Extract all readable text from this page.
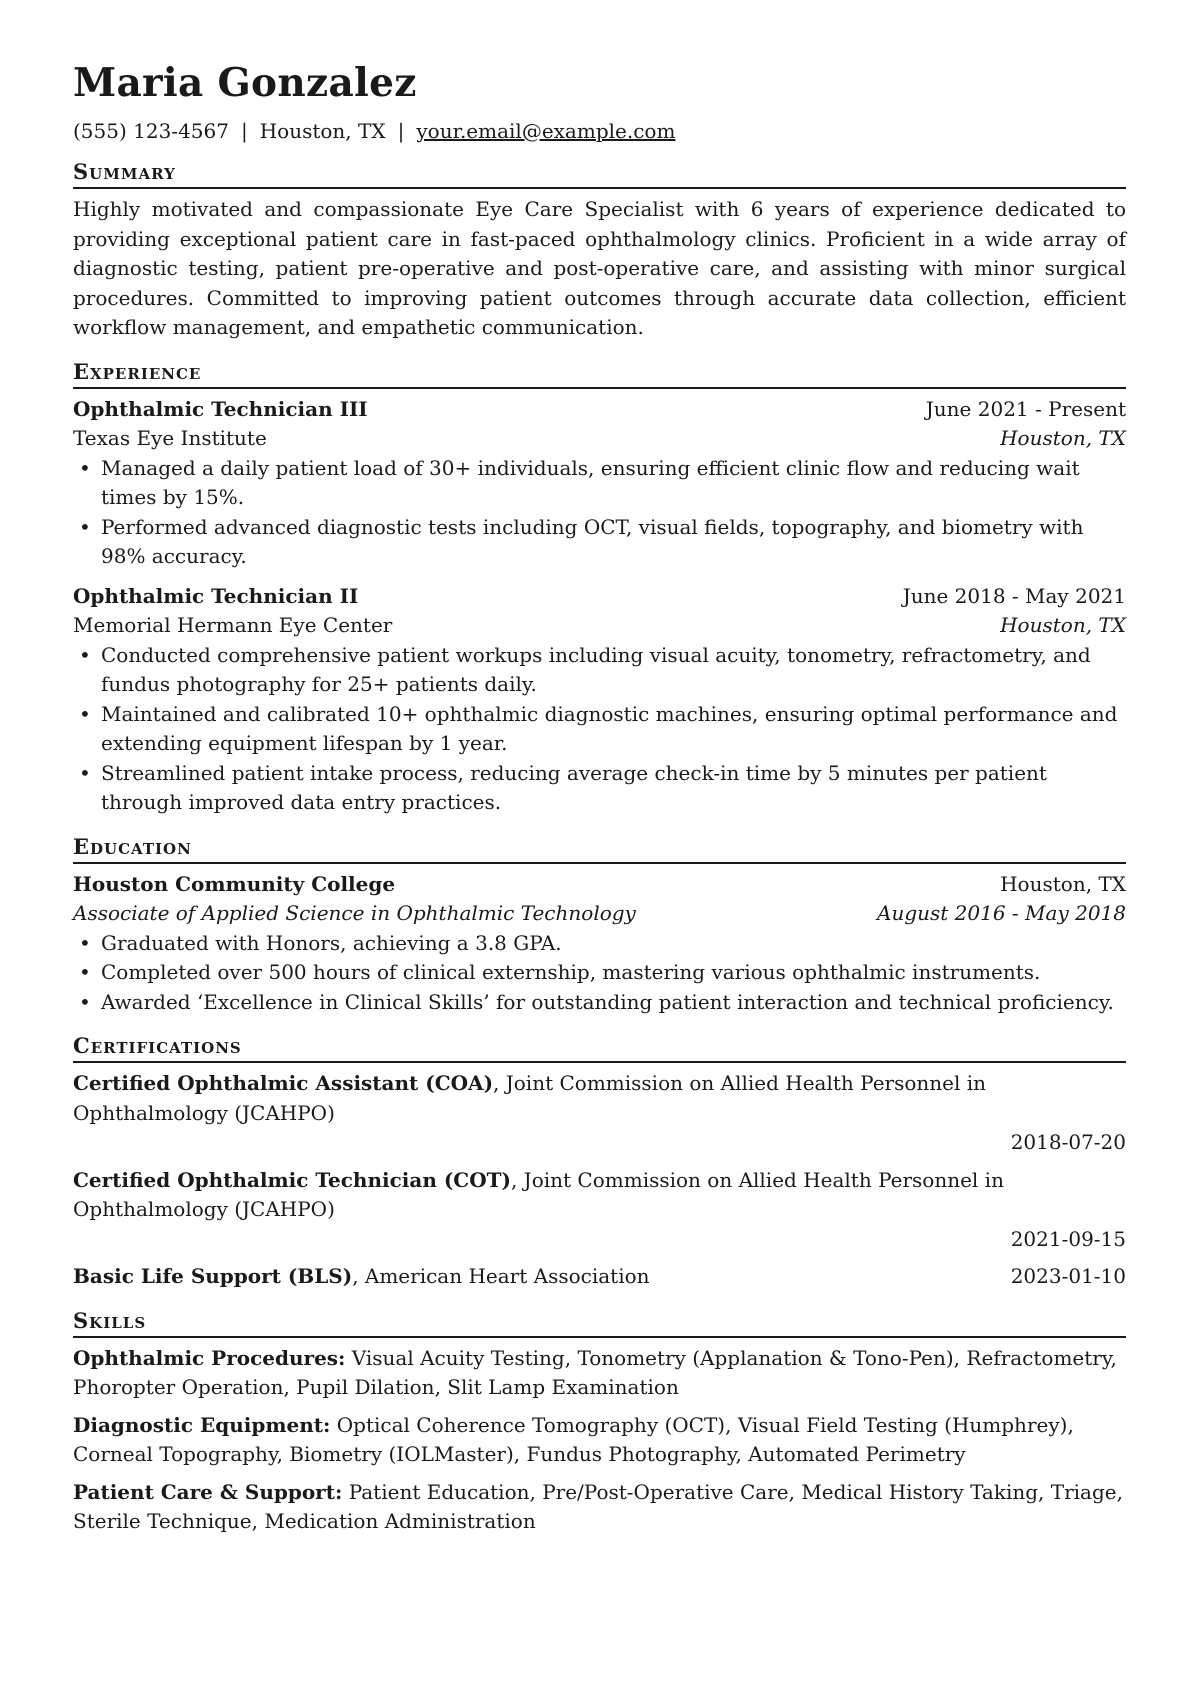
Maria Gonzalez
(555) 123-4567 | Houston, TX | your.email@example.com
Summary

Highly motivated and compassionate Eye Care Specialist with 6 years of experience dedicated to providing exceptional patient care in fast-paced ophthalmology clinics. Proficient in a wide array of diagnostic testing, patient pre-operative and post-operative care, and assisting with minor surgical procedures. Committed to improving patient outcomes through accurate data collection, efficient workflow management, and empathetic communication.

Experience
Ophthalmic Technician III	June 2021 - Present
Texas Eye Institute	Houston, TX
• Managed a daily patient load of 30+ individuals, ensuring efficient clinic flow and reducing wait times by 15%.
• Performed advanced diagnostic tests including OCT, visual fields, topography, and biometry with 98% accuracy.
Ophthalmic Technician II	June 2018 - May 2021
Memorial Hermann Eye Center	Houston, TX
• Conducted comprehensive patient workups including visual acuity, tonometry, refractometry, and fundus photography for 25+ patients daily.
• Maintained and calibrated 10+ ophthalmic diagnostic machines, ensuring optimal performance and extending equipment lifespan by 1 year.
• Streamlined patient intake process, reducing average check-in time by 5 minutes per patient through improved data entry practices.
Education
Houston Community College	Houston, TX
Associate of Applied Science in Ophthalmic Technology	August 2016 - May 2018
• Graduated with Honors, achieving a 3.8 GPA.
• Completed over 500 hours of clinical externship, mastering various ophthalmic instruments.
• Awarded ‘Excellence in Clinical Skills’ for outstanding patient interaction and technical proficiency.
Certifications
Certified Ophthalmic Assistant (COA), Joint Commission on Allied Health Personnel in Ophthalmology (JCAHPO)
2018-07-20
Certified Ophthalmic Technician (COT), Joint Commission on Allied Health Personnel in Ophthalmology (JCAHPO)
2021-09-15
Basic Life Support (BLS), American Heart Association	2023-01-10
Skills
Ophthalmic Procedures: Visual Acuity Testing, Tonometry (Applanation & Tono-Pen), Refractometry, Phoropter Operation, Pupil Dilation, Slit Lamp Examination
Diagnostic Equipment: Optical Coherence Tomography (OCT), Visual Field Testing (Humphrey), Corneal Topography, Biometry (IOLMaster), Fundus Photography, Automated Perimetry
Patient Care & Support: Patient Education, Pre/Post-Operative Care, Medical History Taking, Triage, Sterile Technique, Medication Administration
